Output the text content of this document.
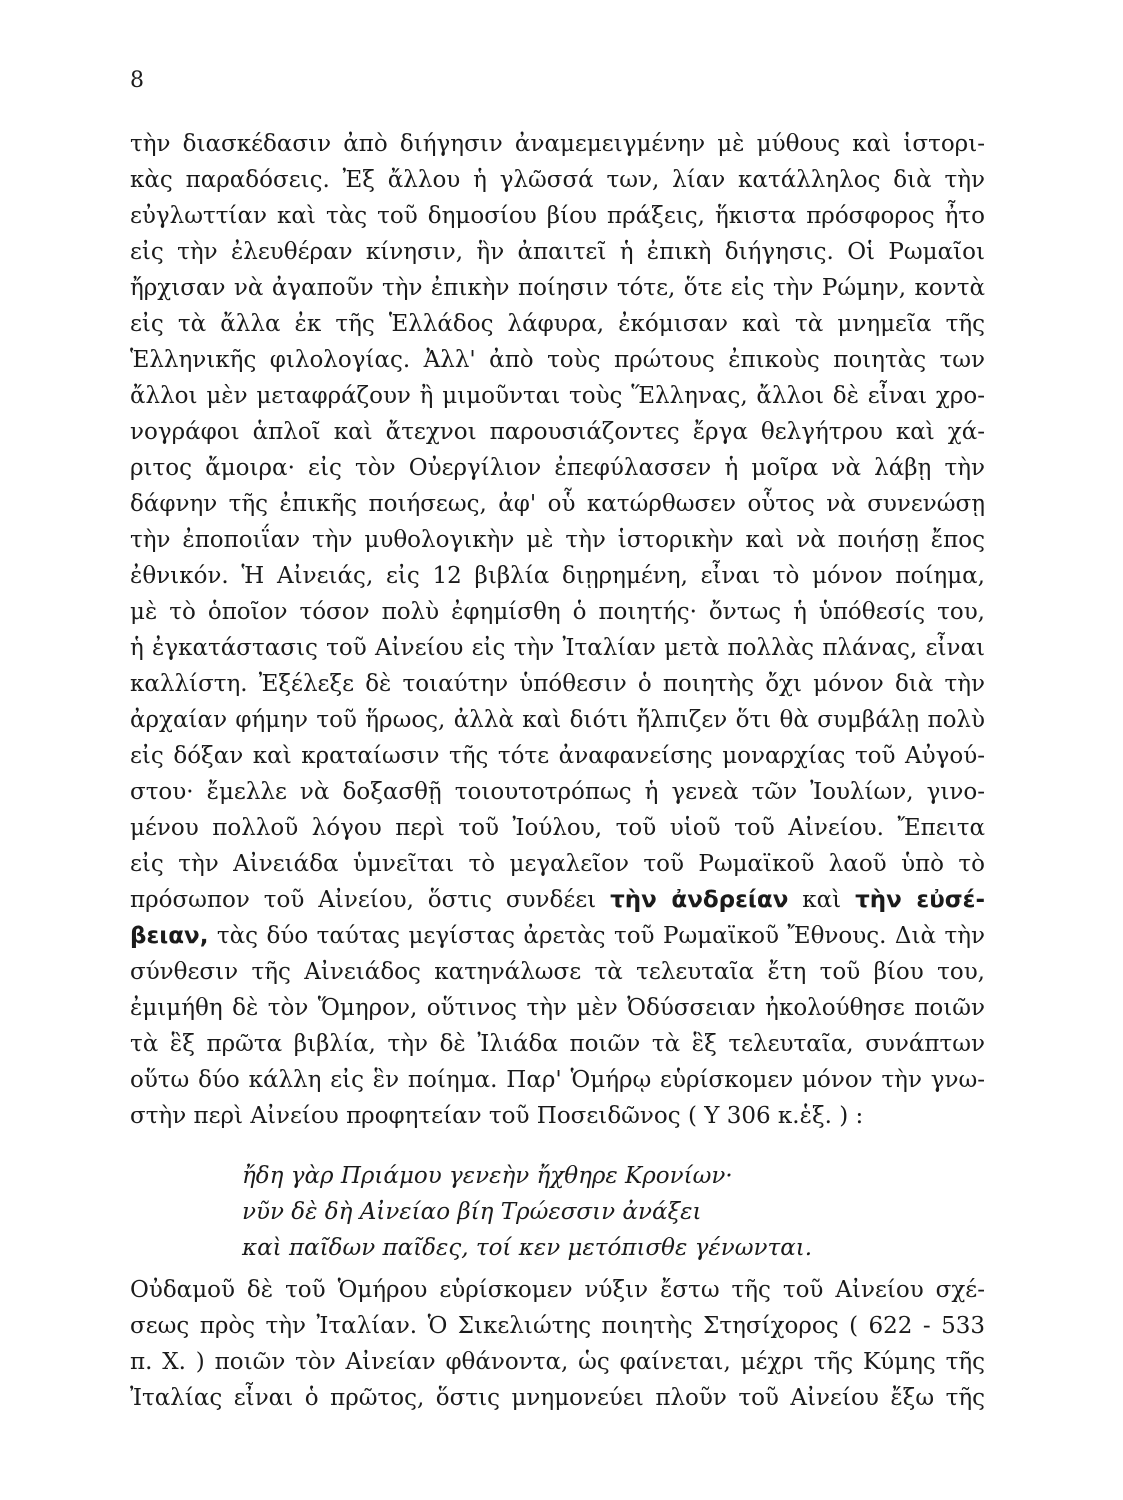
8
τὴν διασκέδασιν ἀπὸ διήγησιν ἀναμεμειγμένην μὲ μύθους καὶ ἱστορι-
κὰς παραδόσεις. Ἐξ ἄλλου ἡ γλῶσσά των, λίαν κατάλληλος διὰ τὴν
εὐγλωττίαν καὶ τὰς τοῦ δημοσίου βίου πράξεις, ἥκιστα πρόσφορος ἦτο
εἰς τὴν ἐλευθέραν κίνησιν, ἣν ἀπαιτεῖ ἡ ἐπικὴ διήγησις. Οἱ Ρωμαῖοι
ἤρχισαν νὰ ἀγαποῦν τὴν ἐπικὴν ποίησιν τότε, ὅτε εἰς τὴν Ρώμην, κοντὰ
εἰς τὰ ἄλλα ἐκ τῆς Ἑλλάδος λάφυρα, ἐκόμισαν καὶ τὰ μνημεῖα τῆς
Ἑλληνικῆς φιλολογίας. Ἀλλ' ἀπὸ τοὺς πρώτους ἐπικοὺς ποιητὰς των
ἄλλοι μὲν μεταφράζουν ἢ μιμοῦνται τοὺς Ἕλληνας, ἄλλοι δὲ εἶναι χρο-
νογράφοι ἁπλοῖ καὶ ἄτεχνοι παρουσιάζοντες ἔργα θελγήτρου καὶ χά-
ριτος ἄμοιρα· εἰς τὸν Οὐεργίλιον ἐπεφύλασσεν ἡ μοῖρα νὰ λάβῃ τὴν
δάφνην τῆς ἐπικῆς ποιήσεως, ἀφ' οὗ κατώρθωσεν οὗτος νὰ συνενώσῃ
τὴν ἐποποιΐαν τὴν μυθολογικὴν μὲ τὴν ἱστορικὴν καὶ νὰ ποιήσῃ ἔπος
ἐθνικόν. Ἡ Αἰνειάς, εἰς 12 βιβλία διῃρημένη, εἶναι τὸ μόνον ποίημα,
μὲ τὸ ὁποῖον τόσον πολὺ ἐφημίσθη ὁ ποιητής· ὄντως ἡ ὑπόθεσίς του,
ἡ ἐγκατάστασις τοῦ Αἰνείου εἰς τὴν Ἰταλίαν μετὰ πολλὰς πλάνας, εἶναι
καλλίστη. Ἐξέλεξε δὲ τοιαύτην ὑπόθεσιν ὁ ποιητὴς ὄχι μόνον διὰ τὴν
ἀρχαίαν φήμην τοῦ ἥρωος, ἀλλὰ καὶ διότι ἤλπιζεν ὅτι θὰ συμβάλῃ πολὺ
εἰς δόξαν καὶ κραταίωσιν τῆς τότε ἀναφανείσης μοναρχίας τοῦ Αὐγού-
στου· ἔμελλε νὰ δοξασθῇ τοιουτοτρόπως ἡ γενεὰ τῶν Ἰουλίων, γινο-
μένου πολλοῦ λόγου περὶ τοῦ Ἰούλου, τοῦ υἱοῦ τοῦ Αἰνείου. Ἔπειτα
εἰς τὴν Αἰνειάδα ὑμνεῖται τὸ μεγαλεῖον τοῦ Ρωμαϊκοῦ λαοῦ ὑπὸ τὸ
πρόσωπον τοῦ Αἰνείου, ὅστις συνδέει τὴν ἀνδρείαν καὶ τὴν εὐσέ-
βειαν, τὰς δύο ταύτας μεγίστας ἀρετὰς τοῦ Ρωμαϊκοῦ Ἔθνους. Διὰ τὴν
σύνθεσιν τῆς Αἰνειάδος κατηνάλωσε τὰ τελευταῖα ἔτη τοῦ βίου του,
ἐμιμήθη δὲ τὸν Ὅμηρον, οὕτινος τὴν μὲν Ὀδύσσειαν ἠκολούθησε ποιῶν
τὰ ἓξ πρῶτα βιβλία, τὴν δὲ Ἰλιάδα ποιῶν τὰ ἓξ τελευταῖα, συνάπτων
οὕτω δύο κάλλη εἰς ἓν ποίημα. Παρ' Ὁμήρῳ εὑρίσκομεν μόνον τὴν γνω-
στὴν περὶ Αἰνείου προφητείαν τοῦ Ποσειδῶνος ( Υ 306 κ.ἑξ. ) :
ἤδη γὰρ Πριάμου γενεὴν ἤχθηρε Κρονίων·
νῦν δὲ δὴ Αἰνείαο βίη Τρώεσσιν ἀνάξει
καὶ παῖδων παῖδες, τοί κεν μετόπισθε γένωνται.
Οὐδαμοῦ δὲ τοῦ Ὁμήρου εὑρίσκομεν νύξιν ἔστω τῆς τοῦ Αἰνείου σχέ-
σεως πρὸς τὴν Ἰταλίαν. Ὁ Σικελιώτης ποιητὴς Στησίχορος ( 622 - 533
π. Χ. ) ποιῶν τὸν Αἰνείαν φθάνοντα, ὡς φαίνεται, μέχρι τῆς Κύμης τῆς
Ἰταλίας εἶναι ὁ πρῶτος, ὅστις μνημονεύει πλοῦν τοῦ Αἰνείου ἔξω τῆς
